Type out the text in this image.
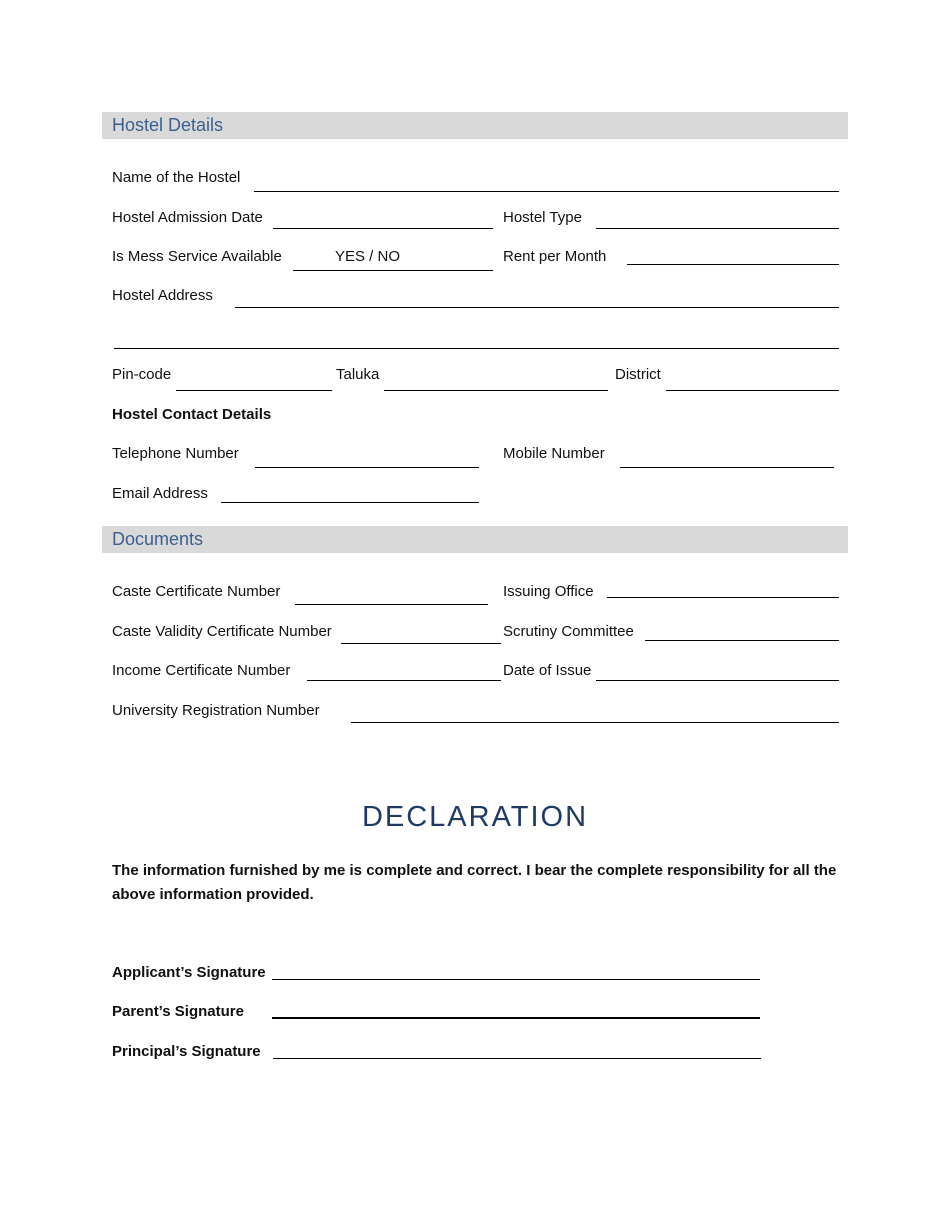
Hostel Details
Name of the Hostel
Hostel Admission Date	Hostel Type
Is Mess Service Available	YES / NO	Rent per Month
Hostel Address
Pin-code	Taluka	District
Hostel Contact Details
Telephone Number	Mobile Number
Email Address
Documents
Caste Certificate Number	Issuing Office
Caste Validity Certificate Number	Scrutiny Committee
Income Certificate Number	Date of Issue
University Registration Number
DECLARATION
The information furnished by me is complete and correct. I bear the complete responsibility for all the above information provided.
Applicant’s Signature
Parent’s Signature
Principal’s Signature
